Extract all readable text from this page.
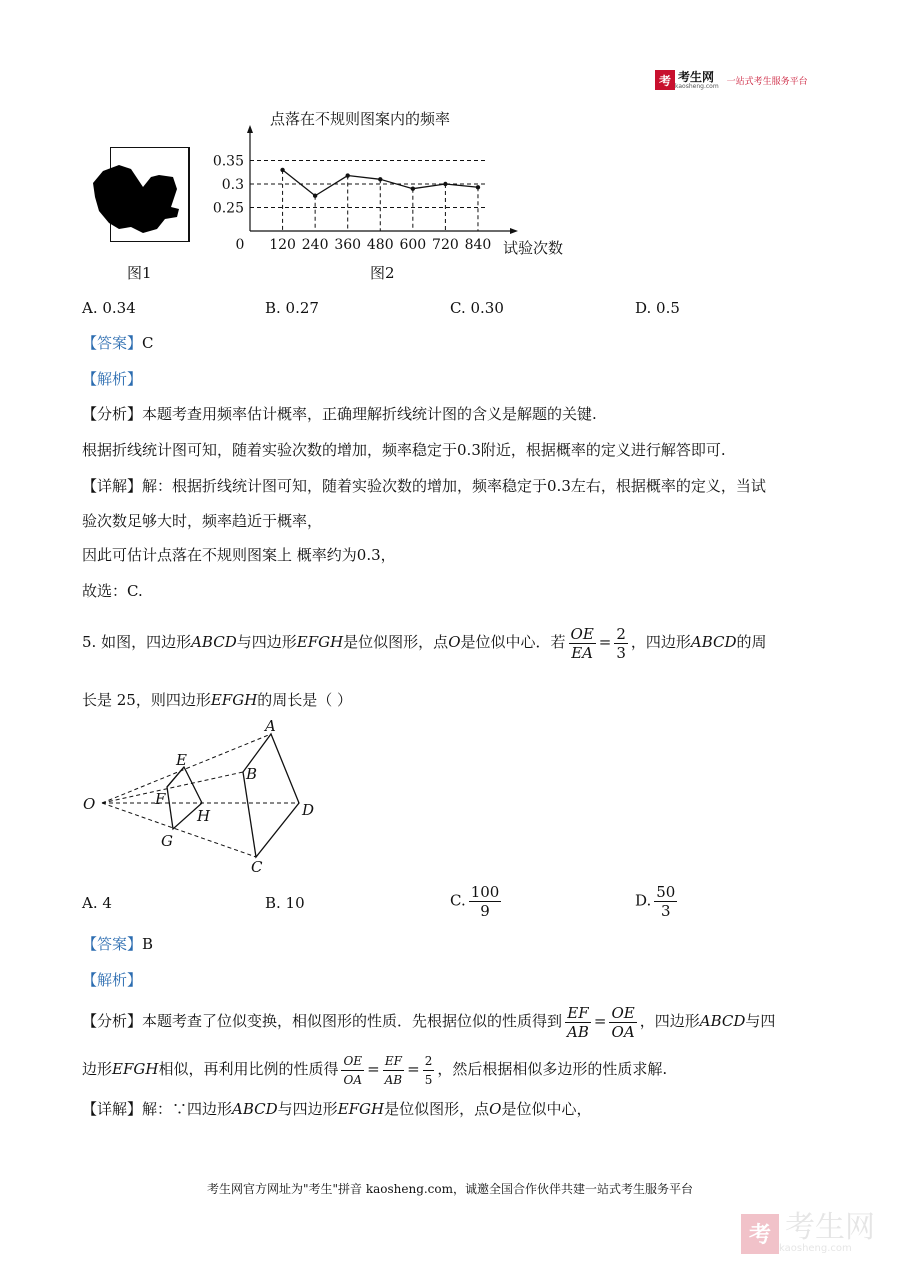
考 考生网
kaosheng.com 一站式考生服务平台
图1
点落在不规则图案内的频率
0.35
0.3
0.25
120 240 360 480 600 720 840
0	试验次数
图2
A. 0.34	B. 0.27	C. 0.30	D. 0.5
【答案】C
【解析】
【分析】本题考查用频率估计概率，正确理解折线统计图的含义是解题的关键.
根据折线统计图可知，随着实验次数的增加，频率稳定于0.3附近，根据概率的定义进行解答即可.
【详解】解：根据折线统计图可知，随着实验次数的增加，频率稳定于0.3左右，根据概率的定义，当试
验次数足够大时，频率趋近于概率，
因此可估计点落在不规则图案上 概率约为0.3，
故选：C.
5. 如图，四边形ABCD与四边形EFGH是位似图形，点O是位似中心．若 $\frac{OE}{EA} = \frac{2}{3}$ ，四边形ABCD的周
长是 25，则四边形EFGH的周长是（ ）
O
A
B
C
D
E
F
G
H
A. 4	B. 10	C. $\frac{100}{9}$	D. $\frac{50}{3}$
【答案】B
【解析】
【分析】本题考查了位似变换，相似图形的性质．先根据位似的性质得到 $\frac{EF}{AB} = \frac{OE}{OA}$ ，四边形ABCD与四
边形EFGH相似，再利用比例的性质得 $\frac{OE}{OA} = \frac{EF}{AB} = \frac{2}{5}$ ，然后根据相似多边形的性质求解.
【详解】解：∵四边形ABCD与四边形EFGH是位似图形，点O是位似中心，
考生网官方网址为"考生"拼音 kaosheng.com，诚邀全国合作伙伴共建一站式考生服务平台
考 考生网
kaosheng.com
